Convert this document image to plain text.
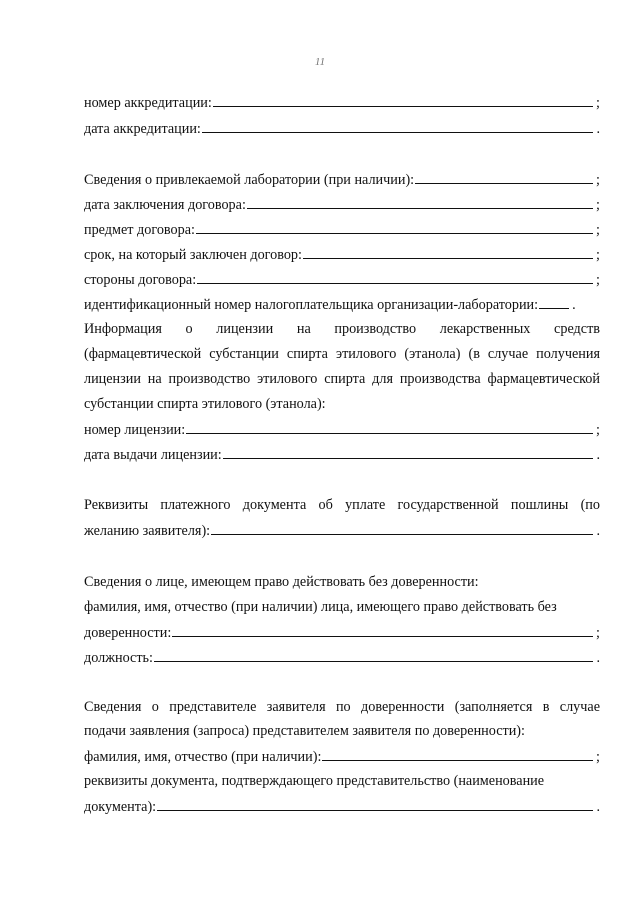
11
номер аккредитации:	;
дата аккредитации:	.
Сведения о привлекаемой лаборатории (при наличии):	;
дата заключения договора:	;
предмет договора:	;
срок, на который заключен договор:	;
стороны договора:	;
идентификационный номер налогоплательщика организации-лаборатории: .
Информация о лицензии на производство лекарственных средств
(фармацевтической субстанции спирта этилового (этанола) (в случае получения
лицензии на производство этилового спирта для производства фармацевтической
субстанции спирта этилового (этанола):
номер лицензии:	;
дата выдачи лицензии:	.
Реквизиты платежного документа об уплате государственной пошлины (по
желанию заявителя):	.
Сведения о лице, имеющем право действовать без доверенности:
фамилия, имя, отчество (при наличии) лица, имеющего право действовать без
доверенности:	;
должность:	.
Сведения о представителе заявителя по доверенности (заполняется в случае
подачи заявления (запроса) представителем заявителя по доверенности):
фамилия, имя, отчество (при наличии):	;
реквизиты документа, подтверждающего представительство (наименование
документа):	.
